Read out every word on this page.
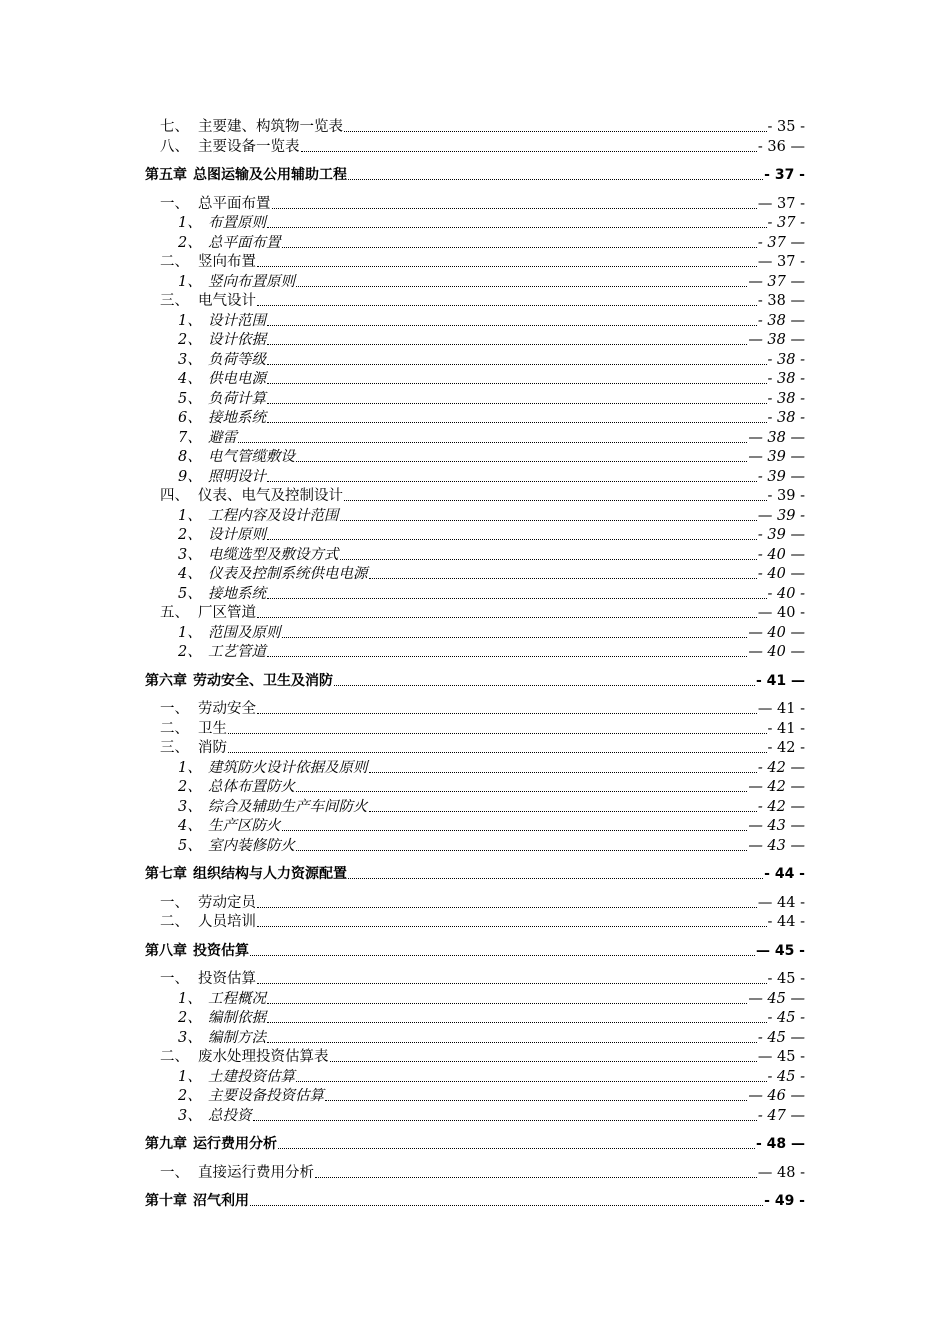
七、 主要建、构筑物一览表	- 35 -
八、 主要设备一览表	- 36 —
第五章 总图运输及公用辅助工程	- 37 -
一、 总平面布置	— 37 -
1、 布置原则	- 37 -
2、 总平面布置	- 37 —
二、 竖向布置	— 37 -
1、 竖向布置原则	— 37 —
三、 电气设计	- 38 —
1、 设计范围	- 38 —
2、 设计依据	— 38 —
3、 负荷等级	- 38 -
4、 供电电源	- 38 -
5、 负荷计算	- 38 -
6、 接地系统	- 38 -
7、 避雷	— 38 —
8、 电气管缆敷设	— 39 —
9、 照明设计	- 39 —
四、 仪表、电气及控制设计	- 39 -
1、 工程内容及设计范围	— 39 -
2、 设计原则	- 39 —
3、 电缆选型及敷设方式	- 40 —
4、 仪表及控制系统供电电源	- 40 —
5、 接地系统	- 40 -
五、 厂区管道	— 40 -
1、 范围及原则	— 40 —
2、 工艺管道	— 40 —
第六章 劳动安全、卫生及消防	- 41 —
一、 劳动安全	— 41 -
二、 卫生	- 41 -
三、 消防	- 42 -
1、 建筑防火设计依据及原则	- 42 —
2、 总体布置防火	— 42 —
3、 综合及辅助生产车间防火	- 42 —
4、 生产区防火	— 43 —
5、 室内装修防火	— 43 —
第七章 组织结构与人力资源配置	- 44 -
一、 劳动定员	— 44 -
二、 人员培训	- 44 -
第八章 投资估算	— 45 -
一、 投资估算	- 45 -
1、 工程概况	— 45 —
2、 编制依据	- 45 -
3、 编制方法	- 45 —
二、 废水处理投资估算表	— 45 -
1、 土建投资估算	- 45 -
2、 主要设备投资估算	— 46 —
3、 总投资	- 47 —
第九章 运行费用分析	- 48 —
一、 直接运行费用分析	— 48 -
第十章 沼气利用	- 49 -
